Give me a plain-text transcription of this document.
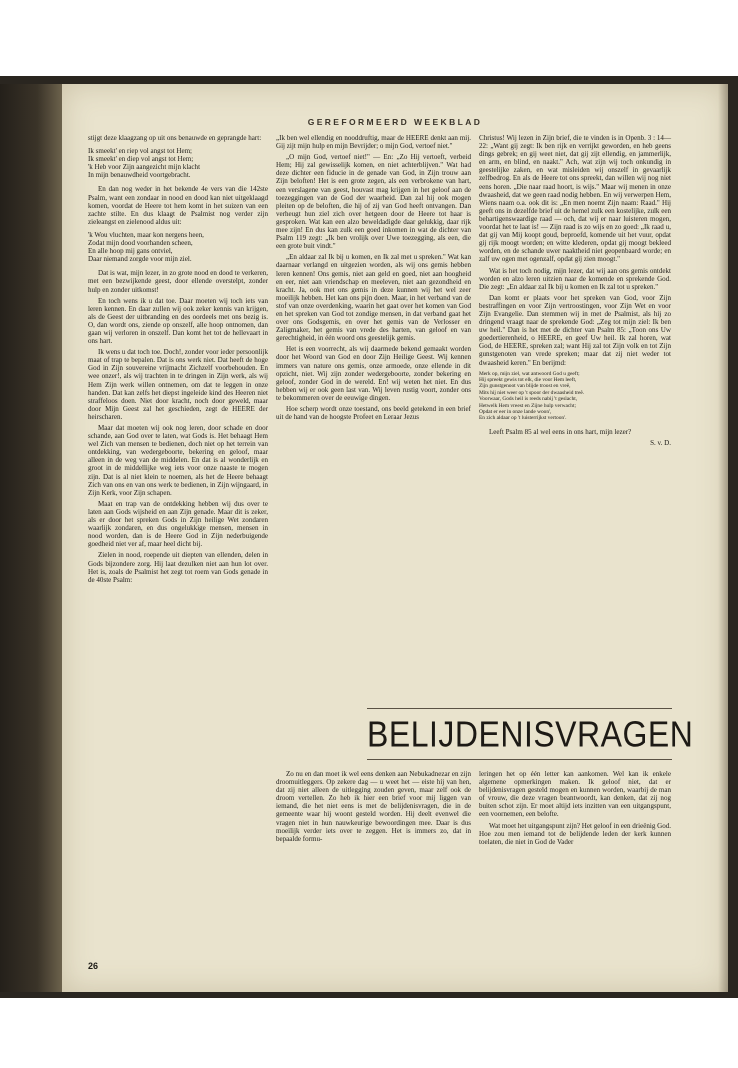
GEREFORMEERD WEEKBLAD

stijgt deze klaagzang op uit ons benauwde en geprangde hart:

Ik smeekt' en riep vol angst tot Hem;
Ik smeekt' en diep vol angst tot Hem;
'k Heb voor Zijn aangezicht mijn klacht
In mijn benauwdheid voortgebracht.

En dan nog weder in het bekende 4e vers van die 142ste Psalm, want een zondaar in nood en dood kan niet uitgeklaagd komen, voordat de Heere tot hem komt in het suizen van een zachte stilte. En dus klaagt de Psalmist nog verder zijn zieleangst en zielenood aldus uit:

'k Wou vluchten, maar kon nergens heen,
Zodat mijn dood voorhanden scheen,
En alle hoop mij gans ontviel,
Daar niemand zorgde voor mijn ziel.

Dat is wat, mijn lezer, in zo grote nood en dood te verkeren, met een bezwijkende geest, door ellende overstelpt, zonder hulp en zonder uitkomst!

En toch wens ik u dat toe. Daar moeten wij toch iets van leren kennen. En daar zullen wij ook zeker kennis van krijgen, als de Geest der uitbranding en des oordeels met ons bezig is. O, dan wordt ons, ziende op onszelf, alle hoop ontnomen, dan gaan wij verloren in onszelf. Dan komt het tot de hellevaart in ons hart.

Ik wens u dat toch toe. Doch!, zonder voor ieder persoonlijk maat of trap te bepalen. Dat is ons werk niet. Dat heeft de hoge God in Zijn souvereine vrijmacht Zichzelf voorbehouden. En wee onzer!, als wij trachten in te dringen in Zijn werk, als wij Hem Zijn werk willen ontnemen, om dat te leggen in onze handen. Dat kan zelfs het diepst ingeleide kind des Heeren niet straffeloos doen. Niet door kracht, noch door geweld, maar door Mijn Geest zal het geschieden, zegt de HEERE der heirscharen.

Maar dat moeten wij ook nog leren, door schade en door schande, aan God over te laten, wat Gods is. Het behaagt Hem wel Zich van mensen te bedienen, doch niet op het terrein van ontdekking, van wedergeboorte, bekering en geloof, maar alleen in de weg van de middelen. En dat is al wonderlijk en groot in de middellijke weg iets voor onze naaste te mogen zijn. Dat is al niet klein te noemen, als het de Heere behaagt Zich van ons en van ons werk te bedienen, in Zijn wijngaard, in Zijn Kerk, voor Zijn schapen.

Maat en trap van de ontdekking hebben wij dus over te laten aan Gods wijsheid en aan Zijn genade. Maar dit is zeker, als er door het spreken Gods in Zijn heilige Wet zondaren waarlijk zondaren, en dus ongelukkige mensen, mensen in nood worden, dan is de Heere God in Zijn nederbuigende goedheid niet ver af, maar heel dicht bij.

Zielen in nood, roepende uit diepten van ellenden, delen in Gods bijzondere zorg. Hij laat dezulken niet aan hun lot over. Het is, zoals de Psalmist het zegt tot roem van Gods genade in de 40ste Psalm:

„Ik ben wel ellendig en nooddruftig, maar de HEERE denkt aan mij. Gij zijt mijn hulp en mijn Bevrijder; o mijn God, vertoef niet."

„O mijn God, vertoef niet!" — En: „Zo Hij vertoeft, verbeid Hem; Hij zal gewisselijk komen, en niet achterblijven." Wat had deze dichter een fiducie in de genade van God, in Zijn trouw aan Zijn beloften! Het is een grote zegen, als een verbrokene van hart, een verslagene van geest, houvast mag krijgen in het geloof aan de toezeggingen van de God der waarheid. Dan zal hij ook mogen pleiten op de beloften, die hij of zij van God heeft ontvangen. Dan verheugt hun ziel zich over hetgeen door de Heere tot haar is gesproken. Wat kan een alzo beweldadigde daar gelukkig, daar rijk mee zijn! En dus kan zulk een goed inkomen in wat de dichter van Psalm 119 zegt: „Ik ben vrolijk over Uwe toezegging, als een, die een grote buit vindt."

„En aldaar zal Ik bij u komen, en Ik zal met u spreken." Wat kan daarnaar verlangd en uitgezien worden, als wij ons gemis hebben leren kennen! Ons gemis, niet aan geld en goed, niet aan hoogheid en eer, niet aan vriendschap en meeleven, niet aan gezondheid en kracht. Ja, ook met ons gemis in deze kunnen wij het wel zeer moeilijk hebben. Het kan ons pijn doen. Maar, in het verband van de stof van onze overdenking, waarin het gaat over het komen van God en het spreken van God tot zondige mensen, in dat verband gaat het over ons Godsgemis, en over het gemis van de Verlosser en Zaligmaker, het gemis van vrede des harten, van geloof en van gerechtigheid, in één woord ons geestelijk gemis.

Het is een voorrecht, als wij daarmede bekend gemaakt worden door het Woord van God en door Zijn Heilige Geest. Wij kennen immers van nature ons gemis, onze armoede, onze ellende in dit opzicht, niet. Wij zijn zonder wedergeboorte, zonder bekering en geloof, zonder God in de wereld. En! wij weten het niet. En dus hebben wij er ook geen last van. Wij leven rustig voort, zonder ons te bekommeren over de eeuwige dingen.

Hoe scherp wordt onze toestand, ons beeld getekend in een brief uit de hand van de hoogste Profeet en Leraar Jezus

Christus! Wij lezen in Zijn brief, die te vinden is in Openb. 3 : 14—22: „Want gij zegt: Ik ben rijk en verrijkt geworden, en heb geens dings gebrek; en gij weet niet, dat gij zijt ellendig, en jammerlijk, en arm, en blind, en naakt." Ach, wat zijn wij toch onkundig in geestelijke zaken, en wat misleiden wij onszelf in gevaarlijk zelfbedrog. En als de Heere tot ons spreekt, dan willen wij nog niet eens horen. „Die naar raad hoort, is wijs." Maar wij menen in onze dwaasheid, dat we geen raad nodig hebben. En wij verwerpen Hem, Wiens naam o.a. ook dit is: „En men noemt Zijn naam: Raad." Hij geeft ons in dezelfde brief uit de hemel zulk een kostelijke, zulk een behartigenswaardige raad — och, dat wij er naar luisteren mogen, voordat het te laat is! — Zijn raad is zo wijs en zo goed: „Ik raad u, dat gij van Mij koopt goud, beproefd, komende uit het vuur, opdat gij rijk moogt worden; en witte klederen, opdat gij moogt bekleed worden, en de schande uwer naaktheid niet geopenbaard worde; en zalf uw ogen met ogenzalf, opdat gij zien moogt."

Wat is het toch nodig, mijn lezer, dat wij aan ons gemis ontdekt worden en alzo leren uitzien naar de komende en sprekende God. Die zegt: „En aldaar zal Ik bij u komen en Ik zal tot u spreken."

Dan komt er plaats voor het spreken van God, voor Zijn bestraffingen en voor Zijn vertroostingen, voor Zijn Wet en voor Zijn Evangelie. Dan stemmen wij in met de Psalmist, als hij zo dringend vraagt naar de sprekende God: „Zeg tot mijn ziel: Ik ben uw heil." Dan is het met de dichter van Psalm 85: „Toon ons Uw goedertierenheid, o HEERE, en geef Uw heil. Ik zal horen, wat God, de HEERE, spreken zal; want Hij zal tot Zijn volk en tot Zijn gunstgenoten van vrede spreken; maar dat zij niet weder tot dwaasheid keren." En berijmd:

Merk op, mijn ziel, wat antwoord God u geeft;
Hij spreekt gewis tot elk, die voor Hem leeft,
Zijn gunstgenoot van blijde troost en vreê,
Mits hij niet weer op 't spoor der dwaasheid treê.
Voorwaar, Gods heil is reeds nabij 't geslacht,
Hetwelk Hem vreest en Zijne hulp verwacht;
Opdat er eer in onze lande woon',
En zich aldaar op 't luisterrijkst vertoon'.

Leeft Psalm 85 al wel eens in ons hart, mijn lezer?

S. v. D.
BELIJDENISVRAGEN

Zo nu en dan moet ik wel eens denken aan Nebukadnezar en zijn droomuitleggers. Op zekere dag — u weet het — eiste hij van hen, dat zij niet alleen de uitlegging zouden geven, maar zelf ook de droom vertellen. Zo heb ik hier een brief voor mij liggen van iemand, die het niet eens is met de belijdenisvragen, die in de gemeente waar hij woont gesteld worden. Hij deelt evenwel die vragen niet in hun nauwkeurige bewoordingen mee. Daar is dus moeilijk verder iets over te zeggen. Het is immers zo, dat in bepaalde formu-

leringen het op één letter kan aankomen. Wel kan ik enkele algemene opmerkingen maken. Ik geloof niet, dat er belijdenisvragen gesteld mogen en kunnen worden, waarbij de man of vrouw, die deze vragen beantwoordt, kan denken, dat zij nog buiten schot zijn. Er moet altijd iets inzitten van een uitgangspunt, een voornemen, een belofte.

Wat moet het uitgangspunt zijn? Het geloof in een drieënig God. Hoe zou men iemand tot de belijdende leden der kerk kunnen toelaten, die niet in God de Vader

26
